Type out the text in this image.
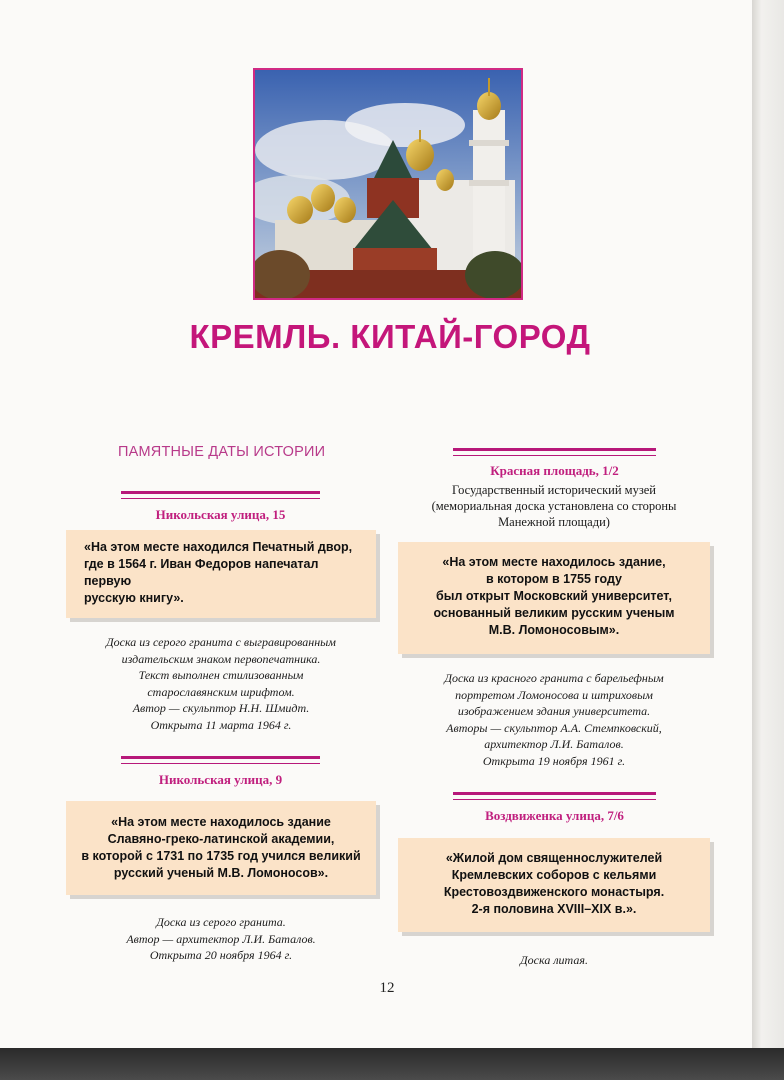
КРЕМЛЬ. КИТАЙ-ГОРОД
ПАМЯТНЫЕ ДАТЫ ИСТОРИИ
Никольская улица, 15
«На этом месте находился Печатный двор,
где в 1564 г. Иван Федоров напечатал первую
русскую книгу».
Доска из серого гранита с выгравированным
издательским знаком первопечатника.
Текст выполнен стилизованным
старославянским шрифтом.
Автор — скульптор Н.Н. Шмидт.
Открыта 11 марта 1964 г.
Никольская улица, 9
«На этом месте находилось здание
Славяно-греко-латинской академии,
в которой с 1731 по 1735 год учился великий
русский ученый М.В. Ломоносов».
Доска из серого гранита.
Автор — архитектор Л.И. Баталов.
Открыта 20 ноября 1964 г.
Красная площадь, 1/2
Государственный исторический музей
(мемориальная доска установлена со стороны
Манежной площади)
«На этом месте находилось здание,
в котором в 1755 году
был открыт Московский университет,
основанный великим русским ученым
М.В. Ломоносовым».
Доска из красного гранита с барельефным
портретом Ломоносова и штриховым
изображением здания университета.
Авторы — скульптор А.А. Стемпковский,
архитектор Л.И. Баталов.
Открыта 19 ноября 1961 г.
Воздвиженка улица, 7/6
«Жилой дом священнослужителей
Кремлевских соборов с кельями
Крестовоздвиженского монастыря.
2-я половина XVIII–XIX в.».
Доска литая.
12
